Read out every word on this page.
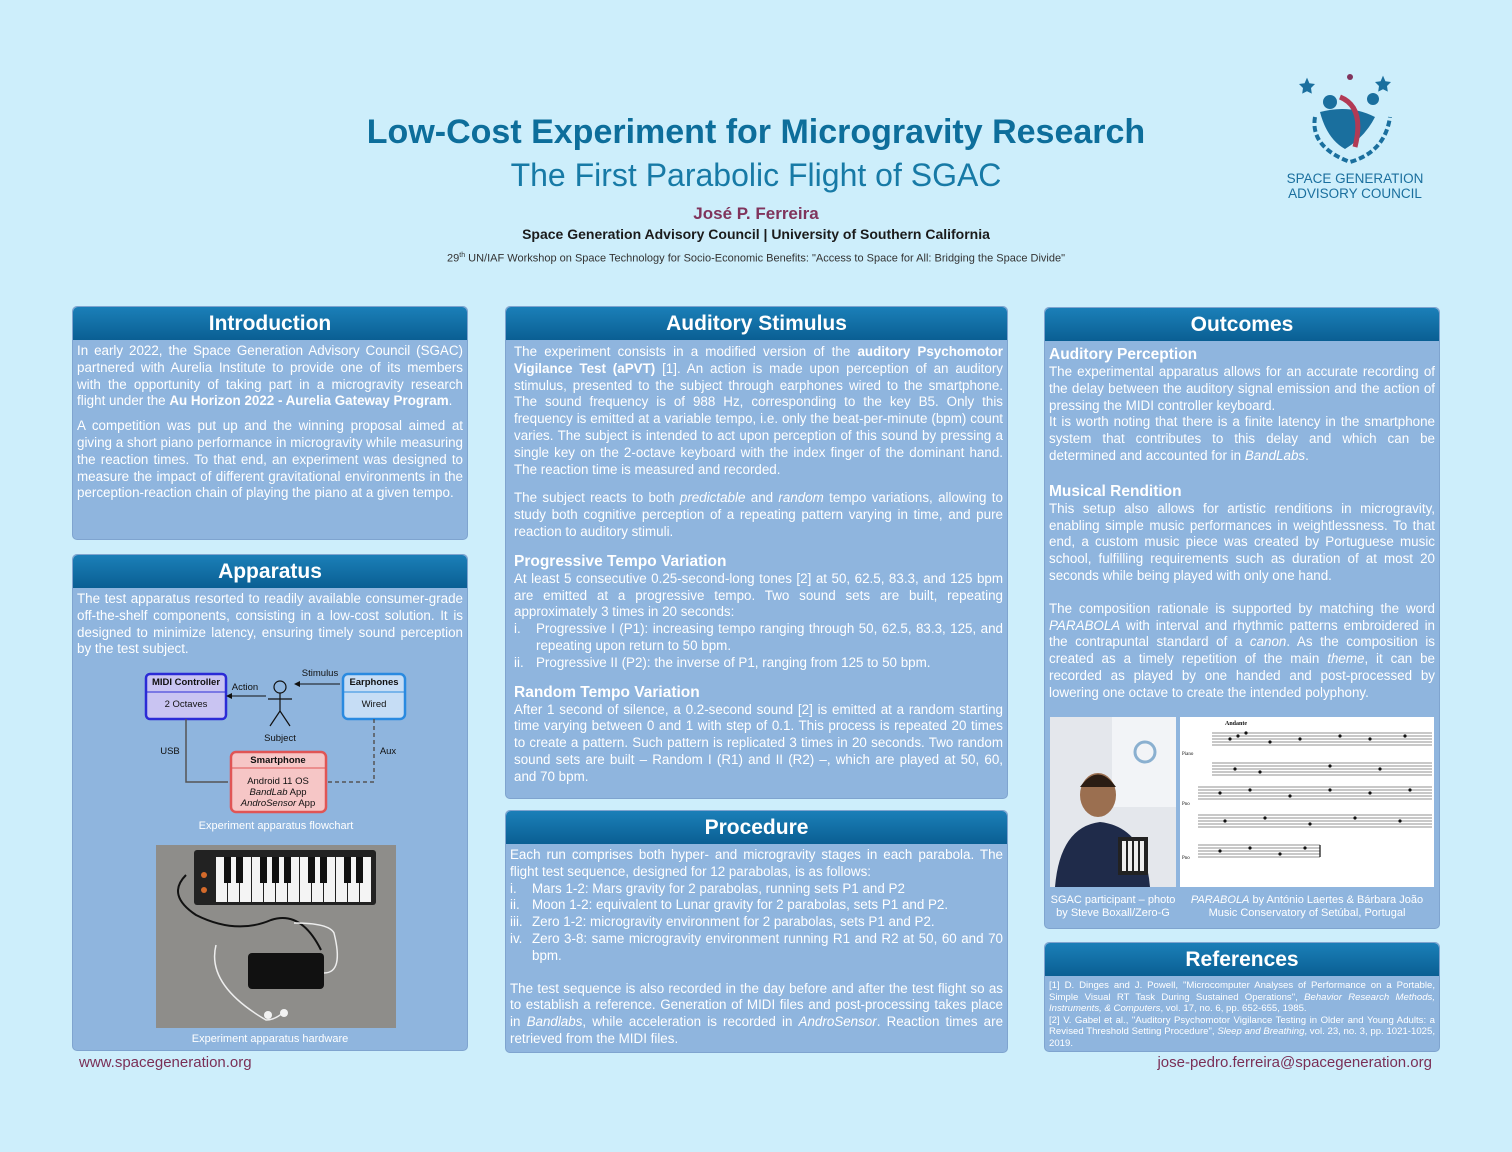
Low-Cost Experiment for Microgravity Research
The First Parabolic Flight of SGAC
José P. Ferreira
Space Generation Advisory Council | University of Southern California
29th UN/IAF Workshop on Space Technology for Socio-Economic Benefits: "Access to Space for All: Bridging the Space Divide"
SPACE GENERATION
ADVISORY COUNCIL
Introduction

In early 2022, the Space Generation Advisory Council (SGAC) partnered with Aurelia Institute to provide one of its members with the opportunity of taking part in a microgravity research flight under the Au Horizon 2022 - Aurelia Gateway Program.

A competition was put up and the winning proposal aimed at giving a short piano performance in microgravity while measuring the reaction times. To that end, an experiment was designed to measure the impact of different gravitational environments in the perception-reaction chain of playing the piano at a given tempo.

Apparatus

The test apparatus resorted to readily available consumer-grade off-the-shelf components, consisting in a low-cost solution. It is designed to minimize latency, ensuring timely sound perception by the test subject.

MIDI Controller
2 Octaves
Earphones
Wired
Subject
Action
Stimulus
Smartphone
Android 11 OS
BandLab App
AndroSensor App
USB	Aux
Experiment apparatus flowchart
Experiment apparatus hardware
Auditory Stimulus

The experiment consists in a modified version of the auditory Psychomotor Vigilance Test (aPVT) [1]. An action is made upon perception of an auditory stimulus, presented to the subject through earphones wired to the smartphone. The sound frequency is of 988 Hz, corresponding to the key B5. Only this frequency is emitted at a variable tempo, i.e. only the beat-per-minute (bpm) count varies. The subject is intended to act upon perception of this sound by pressing a single key on the 2-octave keyboard with the index finger of the dominant hand. The reaction time is measured and recorded.

The subject reacts to both predictable and random tempo variations, allowing to study both cognitive perception of a repeating pattern varying in time, and pure reaction to auditory stimuli.

Progressive Tempo Variation
At least 5 consecutive 0.25-second-long tones [2] at 50, 62.5, 83.3, and 125 bpm are emitted at a progressive tempo. Two sound sets are built, repeating approximately 3 times in 20 seconds:
i.	Progressive I (P1): increasing tempo ranging through 50, 62.5, 83.3, 125, and repeating upon return to 50 bpm.
ii. Progressive II (P2): the inverse of P1, ranging from 125 to 50 bpm.
Random Tempo Variation
After 1 second of silence, a 0.2-second sound [2] is emitted at a random starting time varying between 0 and 1 with step of 0.1. This process is repeated 20 times to create a pattern. Such pattern is replicated 3 times in 20 seconds. Two random sound sets are built – Random I (R1) and II (R2) –, which are played at 50, 60, and 70 bpm.
Procedure
Each run comprises both hyper- and microgravity stages in each parabola. The flight test sequence, designed for 12 parabolas, is as follows:
i.	Mars 1-2: Mars gravity for 2 parabolas, running sets P1 and P2
ii. Moon 1-2: equivalent to Lunar gravity for 2 parabolas, sets P1 and P2.
iii. Zero 1-2: microgravity environment for 2 parabolas, sets P1 and P2.
iv. Zero 3-8: same microgravity environment running R1 and R2 at 50, 60 and 70 bpm.

The test sequence is also recorded in the day before and after the test flight so as to establish a reference. Generation of MIDI files and post-processing takes place in Bandlabs, while acceleration is recorded in AndroSensor. Reaction times are retrieved from the MIDI files.

Outcomes
Auditory Perception
The experimental apparatus allows for an accurate recording of the delay between the auditory signal emission and the action of pressing the MIDI controller keyboard.
It is worth noting that there is a finite latency in the smartphone system that contributes to this delay and which can be determined and accounted for in BandLabs.
Musical Rendition
This setup also allows for artistic renditions in microgravity, enabling simple music performances in weightlessness. To that end, a custom music piece was created by Portuguese music school, fulfilling requirements such as duration of at most 20 seconds while being played with only one hand.
The composition rationale is supported by matching the word PARABOLA with interval and rhythmic patterns embroidered in the contrapuntal standard of a canon. As the composition is created as a timely repetition of the main theme, it can be recorded as played by one handed and post-processed by lowering one octave to create the intended polyphony.
Andante
Piano
Pno
Pno
SGAC participant – photo
by Steve Boxall/Zero-G
PARABOLA by António Laertes & Bárbara João
Music Conservatory of Setúbal, Portugal
References
[1] D. Dinges and J. Powell, "Microcomputer Analyses of Performance on a Portable, Simple Visual RT Task During Sustained Operations", Behavior Research Methods, Instruments, & Computers, vol. 17, no. 6, pp. 652-655, 1985.
[2] V. Gabel et al., "Auditory Psychomotor Vigilance Testing in Older and Young Adults: a Revised Threshold Setting Procedure", Sleep and Breathing, vol. 23, no. 3, pp. 1021-1025, 2019.
www.spacegeneration.org	jose-pedro.ferreira@spacegeneration.org
